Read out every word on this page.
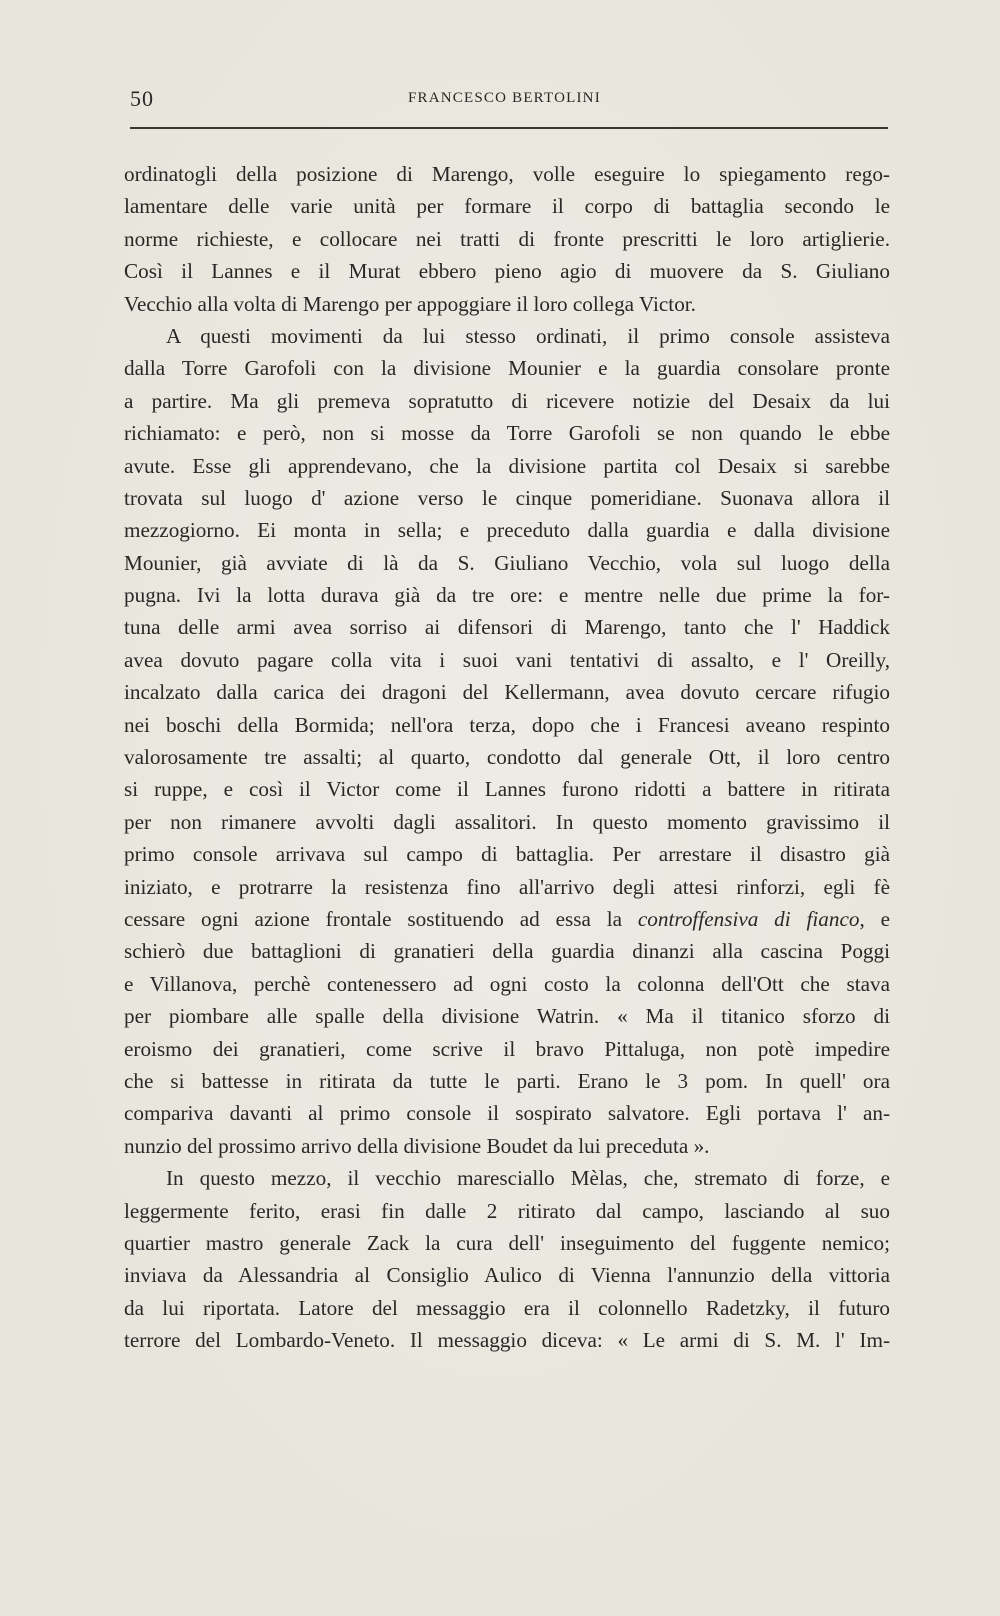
50	FRANCESCO BERTOLINI
ordinatogli della posizione di Marengo, volle eseguire lo spiegamento rego-
lamentare delle varie unità per formare il corpo di battaglia secondo le
norme richieste, e collocare nei tratti di fronte prescritti le loro artiglierie.
Così il Lannes e il Murat ebbero pieno agio di muovere da S. Giuliano
Vecchio alla volta di Marengo per appoggiare il loro collega Victor.
A questi movimenti da lui stesso ordinati, il primo console assisteva
dalla Torre Garofoli con la divisione Mounier e la guardia consolare pronte
a partire. Ma gli premeva sopratutto di ricevere notizie del Desaix da lui
richiamato: e però, non si mosse da Torre Garofoli se non quando le ebbe
avute. Esse gli apprendevano, che la divisione partita col Desaix si sarebbe
trovata sul luogo d' azione verso le cinque pomeridiane. Suonava allora il
mezzogiorno. Ei monta in sella; e preceduto dalla guardia e dalla divisione
Mounier, già avviate di là da S. Giuliano Vecchio, vola sul luogo della
pugna. Ivi la lotta durava già da tre ore: e mentre nelle due prime la for-
tuna delle armi avea sorriso ai difensori di Marengo, tanto che l' Haddick
avea dovuto pagare colla vita i suoi vani tentativi di assalto, e l' Oreilly,
incalzato dalla carica dei dragoni del Kellermann, avea dovuto cercare rifugio
nei boschi della Bormida; nell'ora terza, dopo che i Francesi aveano respinto
valorosamente tre assalti; al quarto, condotto dal generale Ott, il loro centro
si ruppe, e così il Victor come il Lannes furono ridotti a battere in ritirata
per non rimanere avvolti dagli assalitori. In questo momento gravissimo il
primo console arrivava sul campo di battaglia. Per arrestare il disastro già
iniziato, e protrarre la resistenza fino all'arrivo degli attesi rinforzi, egli fè
cessare ogni azione frontale sostituendo ad essa la controffensiva di fianco, e
schierò due battaglioni di granatieri della guardia dinanzi alla cascina Poggi
e Villanova, perchè contenessero ad ogni costo la colonna dell'Ott che stava
per piombare alle spalle della divisione Watrin. « Ma il titanico sforzo di
eroismo dei granatieri, come scrive il bravo Pittaluga, non potè impedire
che si battesse in ritirata da tutte le parti. Erano le 3 pom. In quell' ora
compariva davanti al primo console il sospirato salvatore. Egli portava l' an-
nunzio del prossimo arrivo della divisione Boudet da lui preceduta ».
In questo mezzo, il vecchio maresciallo Mèlas, che, stremato di forze, e
leggermente ferito, erasi fin dalle 2 ritirato dal campo, lasciando al suo
quartier mastro generale Zack la cura dell' inseguimento del fuggente nemico;
inviava da Alessandria al Consiglio Aulico di Vienna l'annunzio della vittoria
da lui riportata. Latore del messaggio era il colonnello Radetzky, il futuro
terrore del Lombardo-Veneto. Il messaggio diceva: « Le armi di S. M. l' Im-
